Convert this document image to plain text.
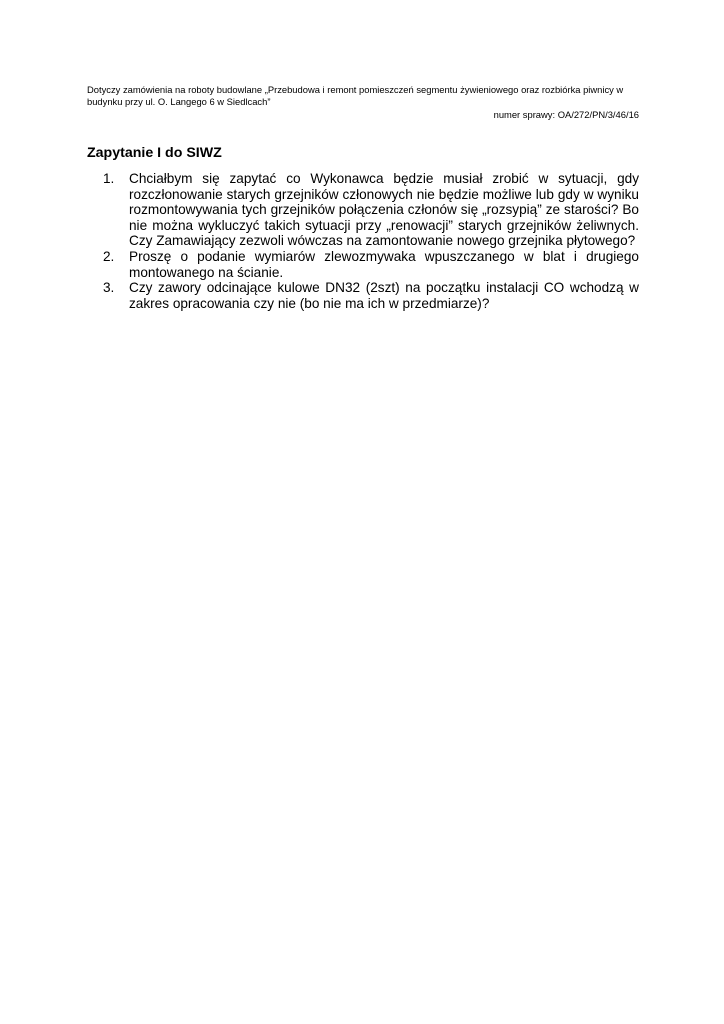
Dotyczy zamówienia na roboty budowlane „Przebudowa i remont pomieszczeń segmentu żywieniowego oraz rozbiórka piwnicy w budynku przy ul. O. Langego 6 w Siedlcach”
numer sprawy: OA/272/PN/3/46/16
Zapytanie I do SIWZ
1.	Chciałbym się zapytać co Wykonawca będzie musiał zrobić w sytuacji, gdy rozczłonowanie starych grzejników członowych nie będzie możliwe lub gdy w wyniku rozmontowywania tych grzejników połączenia członów się „rozsypią” ze starości? Bo nie można wykluczyć takich sytuacji przy „renowacji” starych grzejników żeliwnych. Czy Zamawiający zezwoli wówczas na zamontowanie nowego grzejnika płytowego?
2.	Proszę o podanie wymiarów zlewozmywaka wpuszczanego w blat i drugiego montowanego na ścianie.
3.	Czy zawory odcinające kulowe DN32 (2szt) na początku instalacji CO wchodzą w zakres opracowania czy nie (bo nie ma ich w przedmiarze)?
